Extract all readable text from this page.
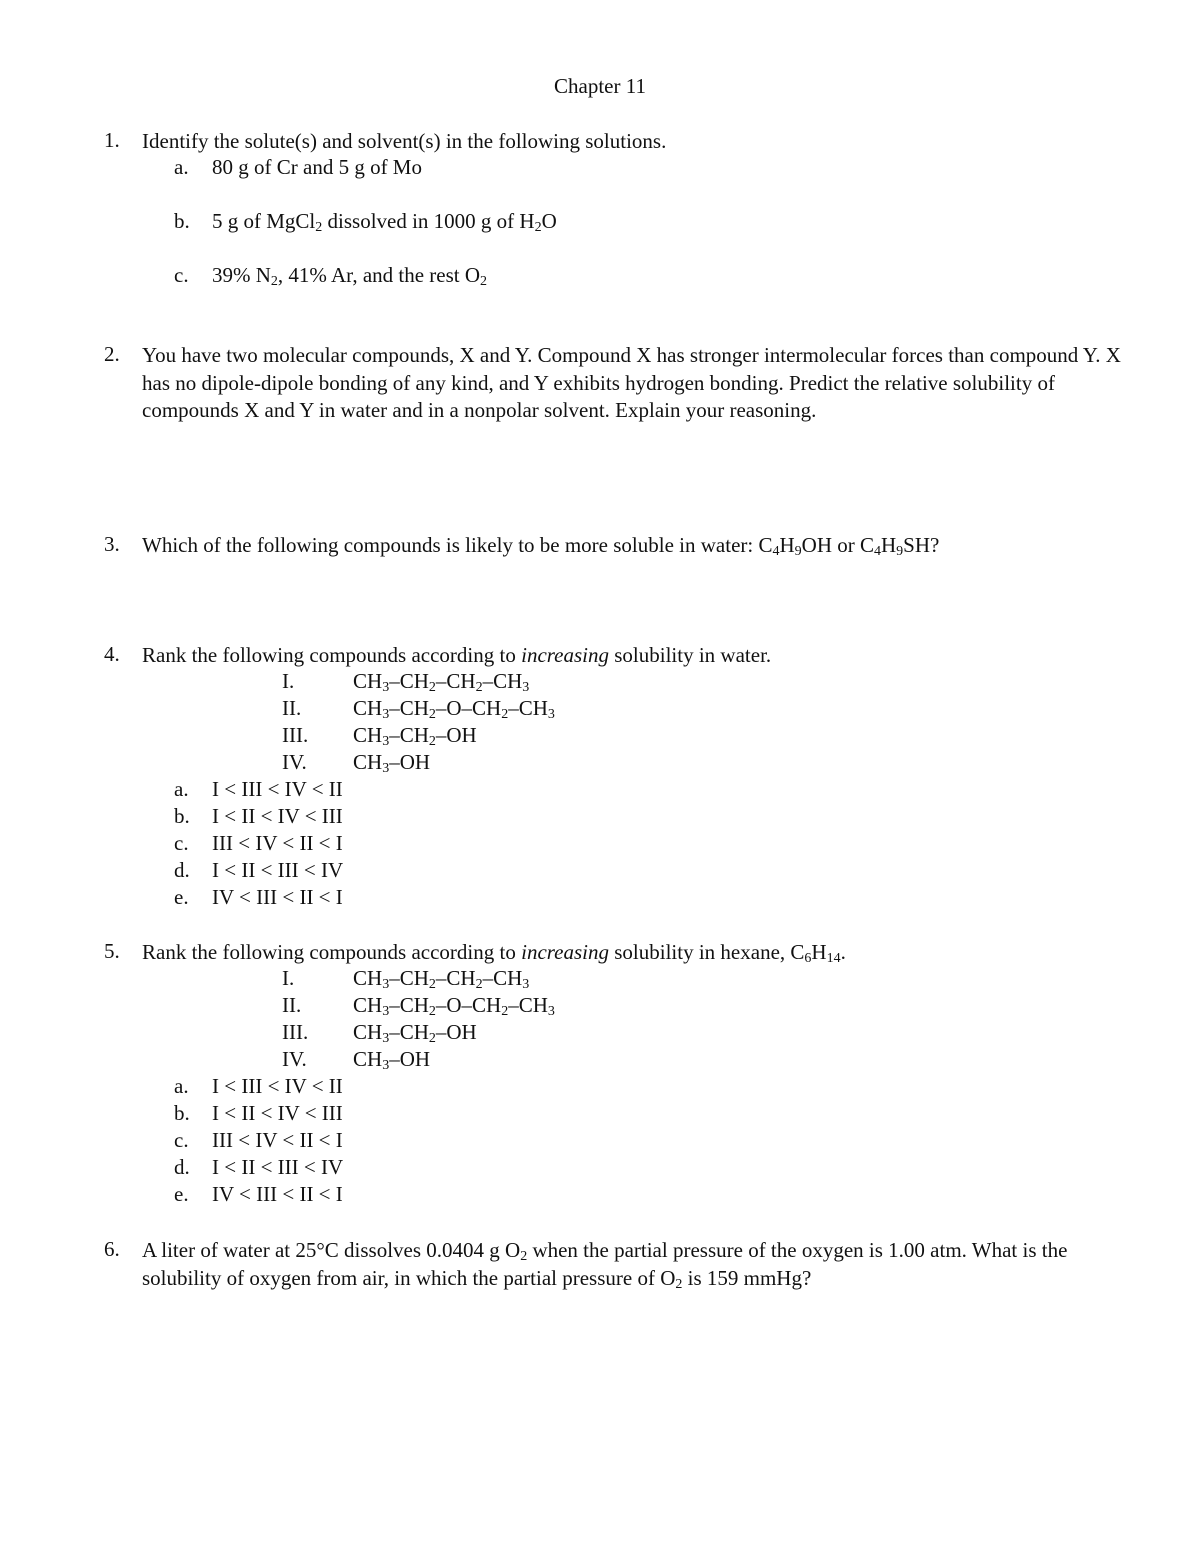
Chapter 11
1.	Identify the solute(s) and solvent(s) in the following solutions.
a. 80 g of Cr and 5 g of Mo
b. 5 g of MgCl$_2$ dissolved in 1000 g of $H_2O$
c. 39% $N_2$, 41% Ar, and the rest $O_2$
2.	You have two molecular compounds, X and Y. Compound X has stronger intermolecular forces than compound Y. X has no dipole-dipole bonding of any kind, and Y exhibits hydrogen bonding. Predict the relative solubility of compounds X and Y in water and in a nonpolar solvent. Explain your reasoning.
3.	Which of the following compounds is likely to be more soluble in water: $C_4H_9OH$ or $C_4H_9SH$?
4.	Rank the following compounds according to increasing solubility in water.
I.	$CH_3-CH_2-CH_2-CH_3$
II. $CH_3-CH_2-O-CH_2-CH_3$
III. $CH_3-CH_2-OH$
IV. $CH_3-OH$
a. I < III < IV < II
b. I < II < IV < III
c. III < IV < II < I
d. I < II < III < IV
e. IV < III < II < I
5.	Rank the following compounds according to increasing solubility in hexane, $C_6H_{14}$.
I.	$CH_3-CH_2-CH_2-CH_3$
II. $CH_3-CH_2-O-CH_2-CH_3$
III. $CH_3-CH_2-OH$
IV. $CH_3-OH$
a. I < III < IV < II
b. I < II < IV < III
c. III < IV < II < I
d. I < II < III < IV
e. IV < III < II < I
6.	A liter of water at 25°C dissolves 0.0404 g $O_2$ when the partial pressure of the oxygen is 1.00 atm. What is the solubility of oxygen from air, in which the partial pressure of $O_2$ is 159 mmHg?
